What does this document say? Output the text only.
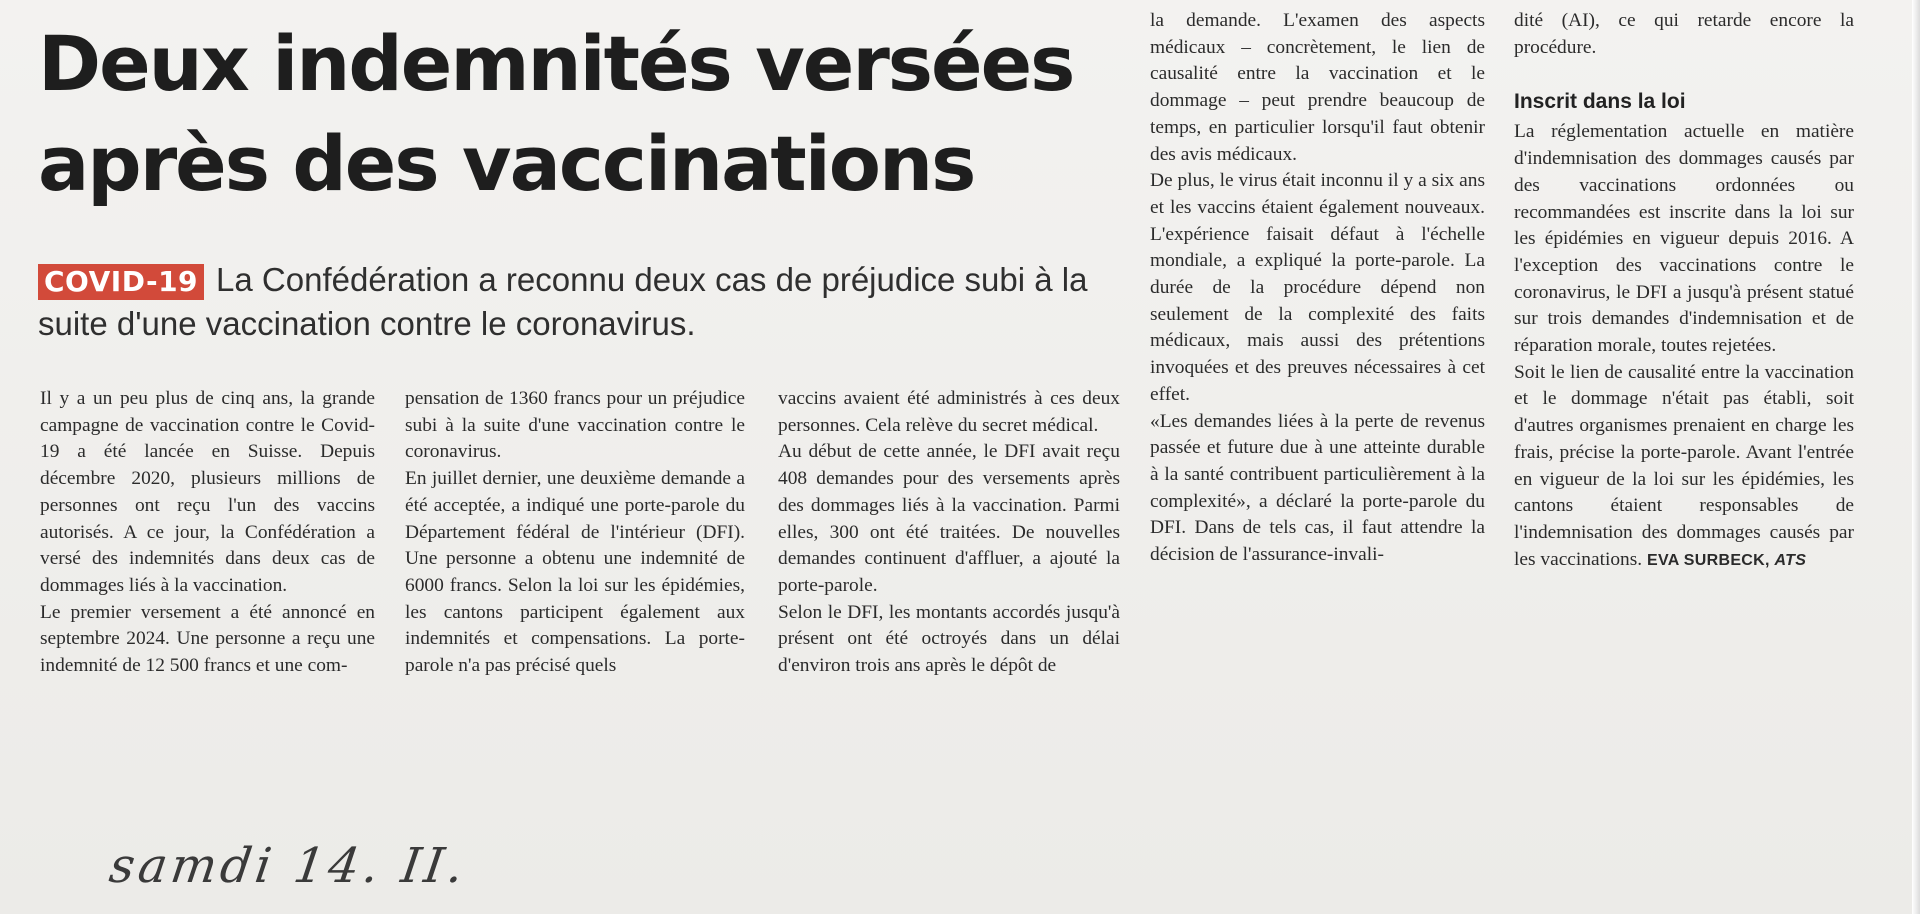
Deux indemnités versées
après des vaccinations
COVID-19 La Confédération a reconnu deux cas de préjudice subi à la suite d'une vaccination contre le coronavirus.

Il y a un peu plus de cinq ans, la grande campagne de vaccination contre le Covid-19 a été lancée en Suisse. Depuis décembre 2020, plusieurs millions de personnes ont reçu l'un des vaccins autorisés. A ce jour, la Confédération a versé des indemnités dans deux cas de dommages liés à la vaccination.

Le premier versement a été annoncé en septembre 2024. Une personne a reçu une indemnité de 12 500 francs et une com-

pensation de 1360 francs pour un préjudice subi à la suite d'une vaccination contre le coronavirus.

En juillet dernier, une deuxième demande a été acceptée, a indiqué une porte-parole du Département fédéral de l'intérieur (DFI). Une personne a obtenu une indemnité de 6000 francs. Selon la loi sur les épidémies, les cantons participent également aux indemnités et compensations. La porte-parole n'a pas précisé quels

vaccins avaient été administrés à ces deux personnes. Cela relève du secret médical.

Au début de cette année, le DFI avait reçu 408 demandes pour des versements après des dommages liés à la vaccination. Parmi elles, 300 ont été traitées. De nouvelles demandes continuent d'affluer, a ajouté la porte-parole.

Selon le DFI, les montants accordés jusqu'à présent ont été octroyés dans un délai d'environ trois ans après le dépôt de

la demande. L'examen des aspects médicaux – concrètement, le lien de causalité entre la vaccination et le dommage – peut prendre beaucoup de temps, en particulier lorsqu'il faut obtenir des avis médicaux.

De plus, le virus était inconnu il y a six ans et les vaccins étaient également nouveaux. L'expérience faisait défaut à l'échelle mondiale, a expliqué la porte-parole. La durée de la procédure dépend non seulement de la complexité des faits médicaux, mais aussi des prétentions invoquées et des preuves nécessaires à cet effet.

«Les demandes liées à la perte de revenus passée et future due à une atteinte durable à la santé contribuent particulièrement à la complexité», a déclaré la porte-parole du DFI. Dans de tels cas, il faut attendre la décision de l'assurance-invali-

dité (AI), ce qui retarde encore la procédure.

Inscrit dans la loi

La réglementation actuelle en matière d'indemnisation des dommages causés par des vaccinations ordonnées ou recommandées est inscrite dans la loi sur les épidémies en vigueur depuis 2016. A l'exception des vaccinations contre le coronavirus, le DFI a jusqu'à présent statué sur trois demandes d'indemnisation et de réparation morale, toutes rejetées.

Soit le lien de causalité entre la vaccination et le dommage n'était pas établi, soit d'autres organismes prenaient en charge les frais, précise la porte-parole. Avant l'entrée en vigueur de la loi sur les épidémies, les cantons étaient responsables de l'indemnisation des dommages causés par les vaccinations. EVA SURBECK, ATS

samdi 14. II.
